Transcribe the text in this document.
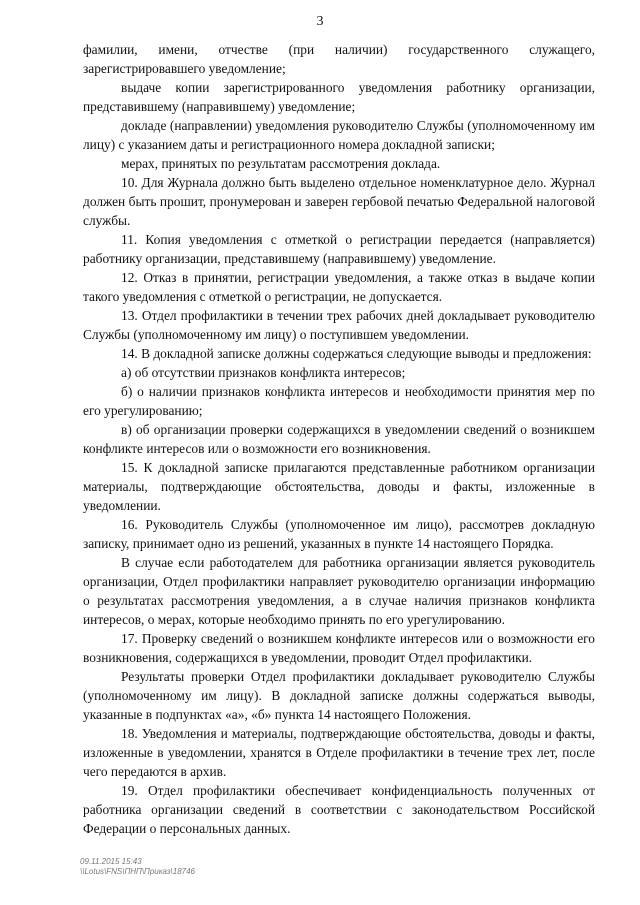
3

фамилии, имени, отчестве (при наличии) государственного служащего, зарегистрировавшего уведомление;

выдаче копии зарегистрированного уведомления работнику организации, представившему (направившему) уведомление;

докладе (направлении) уведомления руководителю Службы (уполномоченному им лицу) с указанием даты и регистрационного номера докладной записки;

мерах, принятых по результатам рассмотрения доклада.

10. Для Журнала должно быть выделено отдельное номенклатурное дело. Журнал должен быть прошит, пронумерован и заверен гербовой печатью Федеральной налоговой службы.

11. Копия уведомления с отметкой о регистрации передается (направляется) работнику организации, представившему (направившему) уведомление.

12. Отказ в принятии, регистрации уведомления, а также отказ в выдаче копии такого уведомления с отметкой о регистрации, не допускается.

13. Отдел профилактики в течении трех рабочих дней докладывает руководителю Службы (уполномоченному им лицу) о поступившем уведомлении.

14. В докладной записке должны содержаться следующие выводы и предложения:

а) об отсутствии признаков конфликта интересов;

б) о наличии признаков конфликта интересов и необходимости принятия мер по его урегулированию;

в) об организации проверки содержащихся в уведомлении сведений о возникшем конфликте интересов или о возможности его возникновения.

15. К докладной записке прилагаются представленные работником организации материалы, подтверждающие обстоятельства, доводы и факты, изложенные в уведомлении.

16. Руководитель Службы (уполномоченное им лицо), рассмотрев докладную записку, принимает одно из решений, указанных в пункте 14 настоящего Порядка.

В случае если работодателем для работника организации является руководитель организации, Отдел профилактики направляет руководителю организации информацию о результатах рассмотрения уведомления, а в случае наличия признаков конфликта интересов, о мерах, которые необходимо принять по его урегулированию.

17. Проверку сведений о возникшем конфликте интересов или о возможности его возникновения, содержащихся в уведомлении, проводит Отдел профилактики.

Результаты проверки Отдел профилактики докладывает руководителю Службы (уполномоченному им лицу). В докладной записке должны содержаться выводы, указанные в подпунктах «а», «б» пункта 14 настоящего Положения.

18. Уведомления и материалы, подтверждающие обстоятельства, доводы и факты, изложенные в уведомлении, хранятся в Отделе профилактики в течение трех лет, после чего передаются в архив.

19. Отдел профилактики обеспечивает конфиденциальность полученных от работника организации сведений в соответствии с законодательством Российской Федерации о персональных данных.

09.11.2015 15:43
\\Lotus\FNS\ПНП\Приказ\18746
